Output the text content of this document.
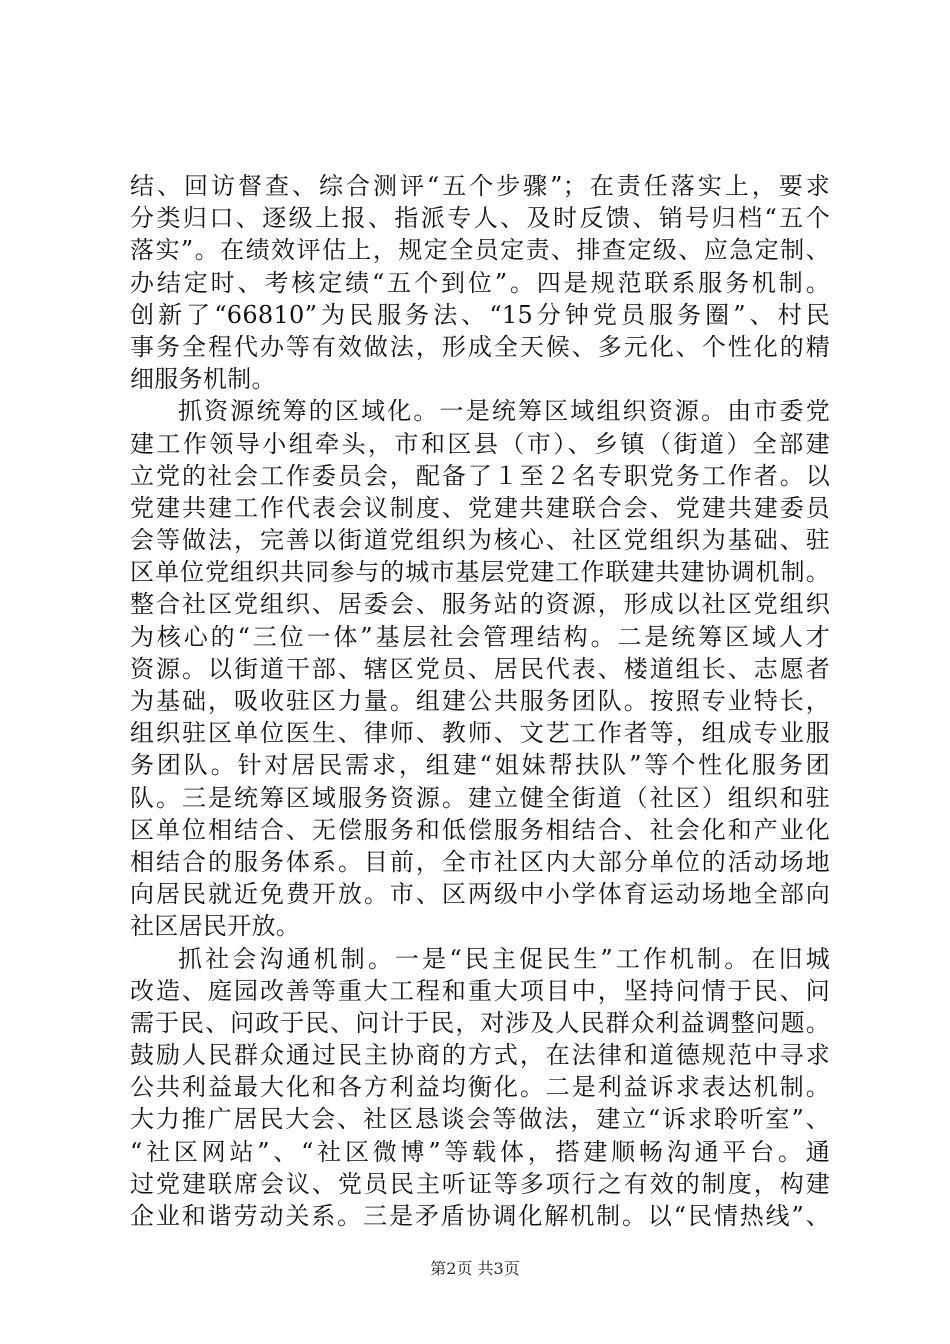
结、回访督查、综合测评“五个步骤”；在责任落实上，要求
分类归口、逐级上报、指派专人、及时反馈、销号归档“五个
落实”。在绩效评估上，规定全员定责、排查定级、应急定制、
办结定时、考核定绩“五个到位”。四是规范联系服务机制。
创新了“66810”为民服务法、“15分钟党员服务圈”、村民
事务全程代办等有效做法，形成全天候、多元化、个性化的精
细服务机制。
抓资源统筹的区域化。一是统筹区域组织资源。由市委党
建工作领导小组牵头，市和区县（市）、乡镇（街道）全部建
立党的社会工作委员会，配备了１至２名专职党务工作者。以
党建共建工作代表会议制度、党建共建联合会、党建共建委员
会等做法，完善以街道党组织为核心、社区党组织为基础、驻
区单位党组织共同参与的城市基层党建工作联建共建协调机制。
整合社区党组织、居委会、服务站的资源，形成以社区党组织
为核心的“三位一体”基层社会管理结构。二是统筹区域人才
资源。以街道干部、辖区党员、居民代表、楼道组长、志愿者
为基础，吸收驻区力量。组建公共服务团队。按照专业特长，
组织驻区单位医生、律师、教师、文艺工作者等，组成专业服
务团队。针对居民需求，组建“姐妹帮扶队”等个性化服务团
队。三是统筹区域服务资源。建立健全街道（社区）组织和驻
区单位相结合、无偿服务和低偿服务相结合、社会化和产业化
相结合的服务体系。目前，全市社区内大部分单位的活动场地
向居民就近免费开放。市、区两级中小学体育运动场地全部向
社区居民开放。
抓社会沟通机制。一是“民主促民生”工作机制。在旧城
改造、庭园改善等重大工程和重大项目中，坚持问情于民、问
需于民、问政于民、问计于民，对涉及人民群众利益调整问题。
鼓励人民群众通过民主协商的方式，在法律和道德规范中寻求
公共利益最大化和各方利益均衡化。二是利益诉求表达机制。
大力推广居民大会、社区恳谈会等做法，建立“诉求聆听室”、
“社区网站”、“社区微博”等载体，搭建顺畅沟通平台。通
过党建联席会议、党员民主听证等多项行之有效的制度，构建
企业和谐劳动关系。三是矛盾协调化解机制。以“民情热线”、
第2页 共3页
